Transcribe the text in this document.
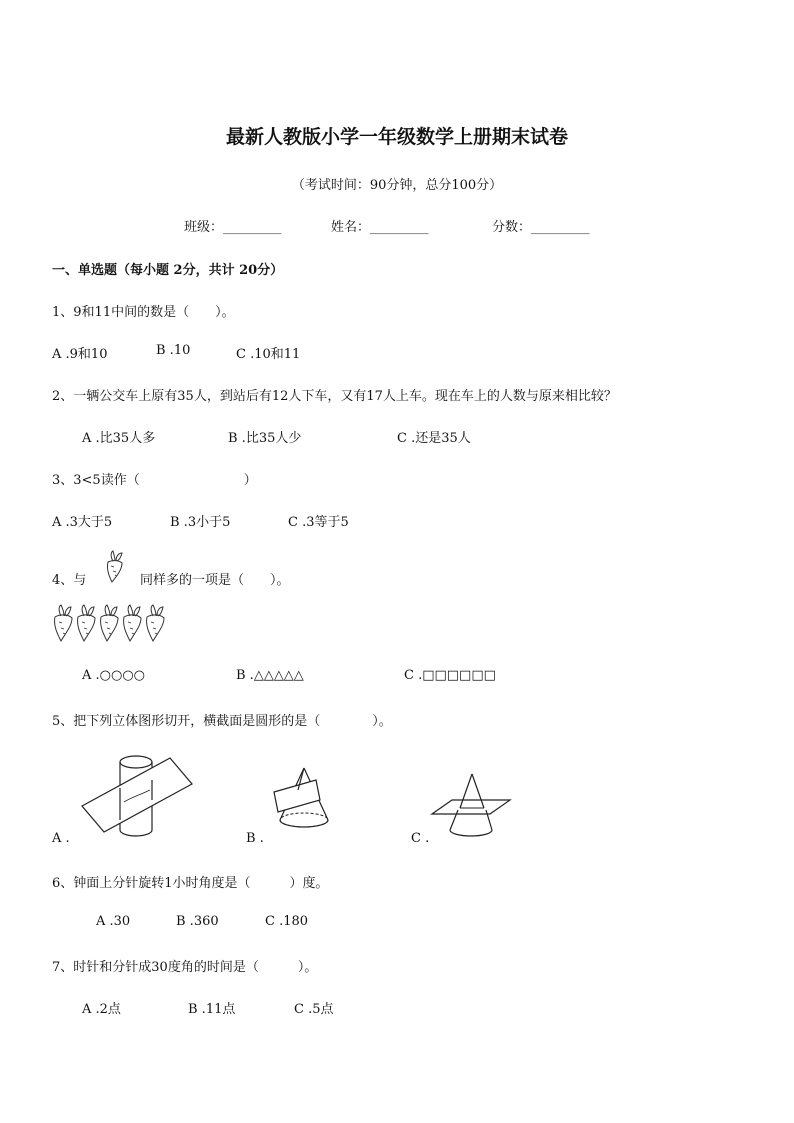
最新人教版小学一年级数学上册期末试卷
（考试时间：90分钟，总分100分）
班级：_________	姓名：_________	分数：_________
一、单选题（每小题 2分，共计 20分）
1、9和11中间的数是（　　）。
A .9和10	B .10	C .10和11
2、一辆公交车上原有35人，到站后有12人下车，又有17人上车。现在车上的人数与原来相比较？
A .比35人多	B .比35人少	C .还是35人
3、3<5读作（　　　　　　　　）
A .3大于5	B .3小于5	C .3等于5
4、与	同样多的一项是（　　）。
A .○○○○	B .△△△△△	C .□□□□□□
5、把下列立体图形切开，横截面是圆形的是（　　　　）。
A .	B .	C .
6、钟面上分针旋转1小时角度是（　　　）度。
A .30	B .360	C .180
7、时针和分针成30度角的时间是（　　　）。
A .2点	B .11点	C .5点
